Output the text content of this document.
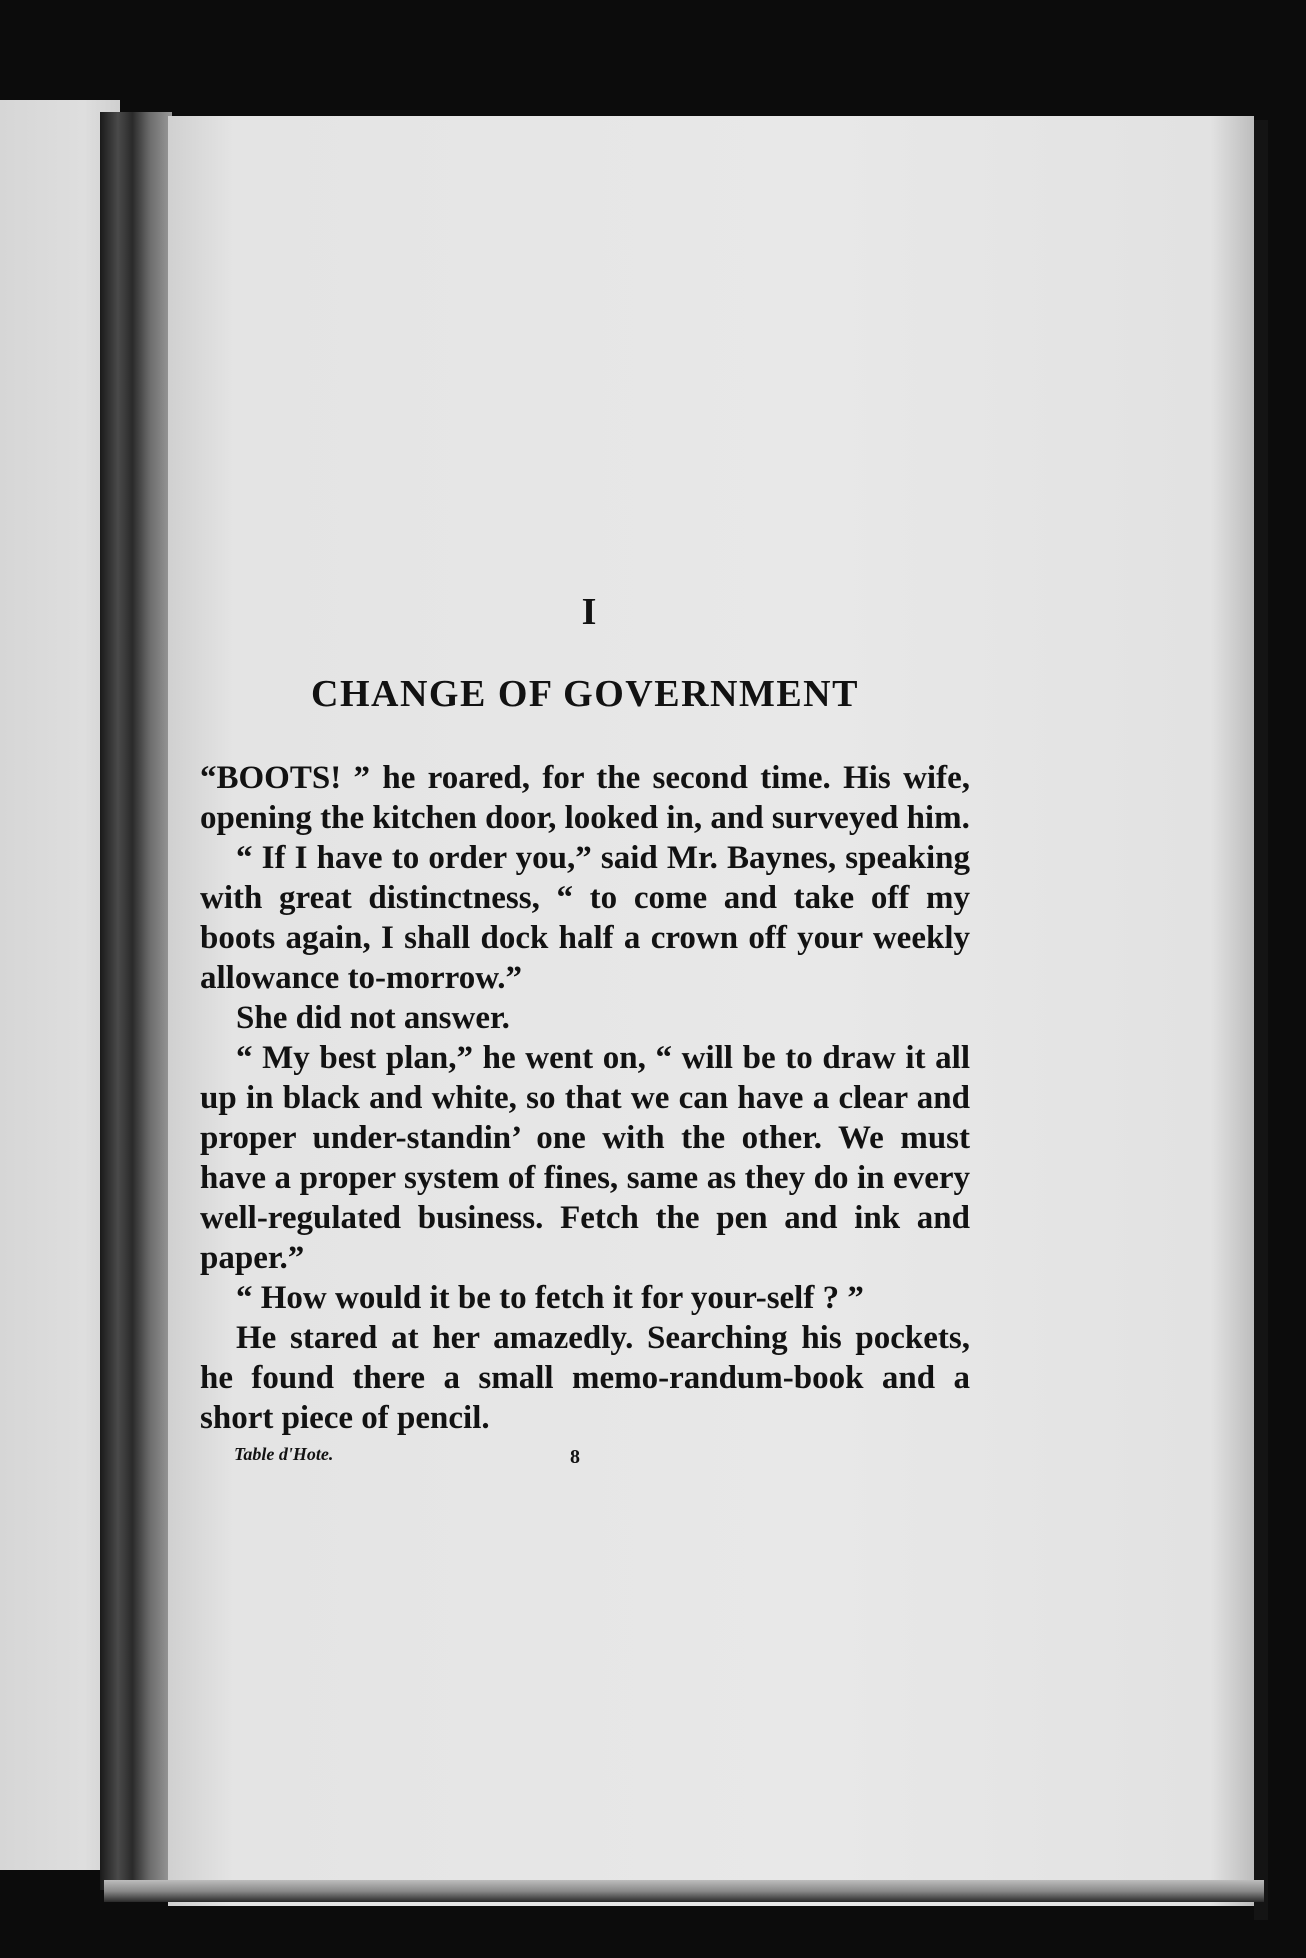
I
CHANGE OF GOVERNMENT

“BOOTS! ” he roared, for the second time. His wife, opening the kitchen door, looked in, and surveyed him.

“ If I have to order you,” said Mr. Baynes, speaking with great distinctness, “ to come and take off my boots again, I shall dock half a crown off your weekly allowance to-morrow.”

She did not answer.

“ My best plan,” he went on, “ will be to draw it all up in black and white, so that we can have a clear and proper under-standin’ one with the other. We must have a proper system of fines, same as they do in every well-regulated business. Fetch the pen and ink and paper.”

“ How would it be to fetch it for your-self ? ”

He stared at her amazedly. Searching his pockets, he found there a small memo-randum-book and a short piece of pencil.

Table d'Hote.	8
